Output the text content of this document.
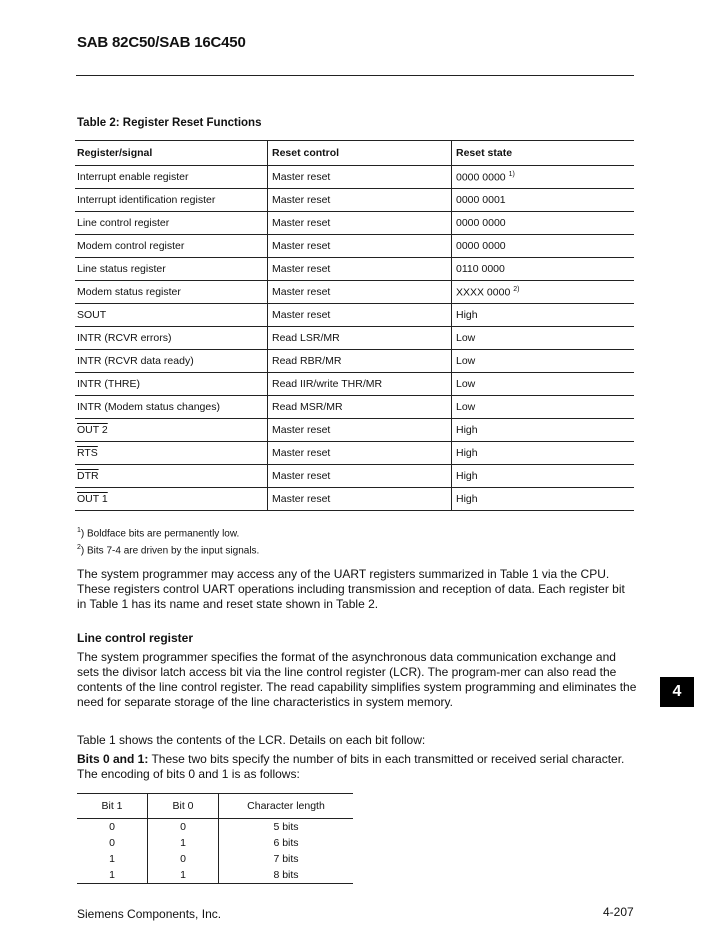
SAB 82C50/SAB 16C450
Table 2: Register Reset Functions
Register/signal	Reset control	Reset state
Interrupt enable register	Master reset	0000 0000 $^{1)}$
Interrupt identification register	Master reset	0000 0001
Line control register	Master reset	0000 0000
Modem control register	Master reset	0000 0000
Line status register	Master reset	0110 0000
Modem status register	Master reset	XXXX 0000 $^{2)}$
SOUT	Master reset	High
INTR (RCVR errors)	Read LSR/MR	Low
INTR (RCVR data ready)	Read RBR/MR	Low
INTR (THRE)	Read IIR/write THR/MR	Low
INTR (Modem status changes)	Read MSR/MR	Low
OUT 2	Master reset	High
$\overline{RTS}$	Master reset	High
$\overline{DTR}$	Master reset	High
OUT 1	Master reset	High
$^1$) Boldface bits are permanently low.
$^2$) Bits 7-4 are driven by the input signals.
The system programmer may access any of the UART registers summarized in Table 1 via the CPU. These registers control UART operations including transmission and reception of data. Each register bit in Table 1 has its name and reset state shown in Table 2.
Line control register
The system programmer specifies the format of the asynchronous data communication exchange and sets the divisor latch access bit via the line control register (LCR). The program-mer can also read the contents of the line control register. The read capability simplifies system programming and eliminates the need for separate storage of the line characteristics in system memory.
Table 1 shows the contents of the LCR. Details on each bit follow:
Bits 0 and 1: These two bits specify the number of bits in each transmitted or received serial character. The encoding of bits 0 and 1 is as follows:
4
Bit 1	Bit 0	Character length
0	0	5 bits
0	1	6 bits
1	0	7 bits
1	1	8 bits
Siemens Components, Inc.	4-207
